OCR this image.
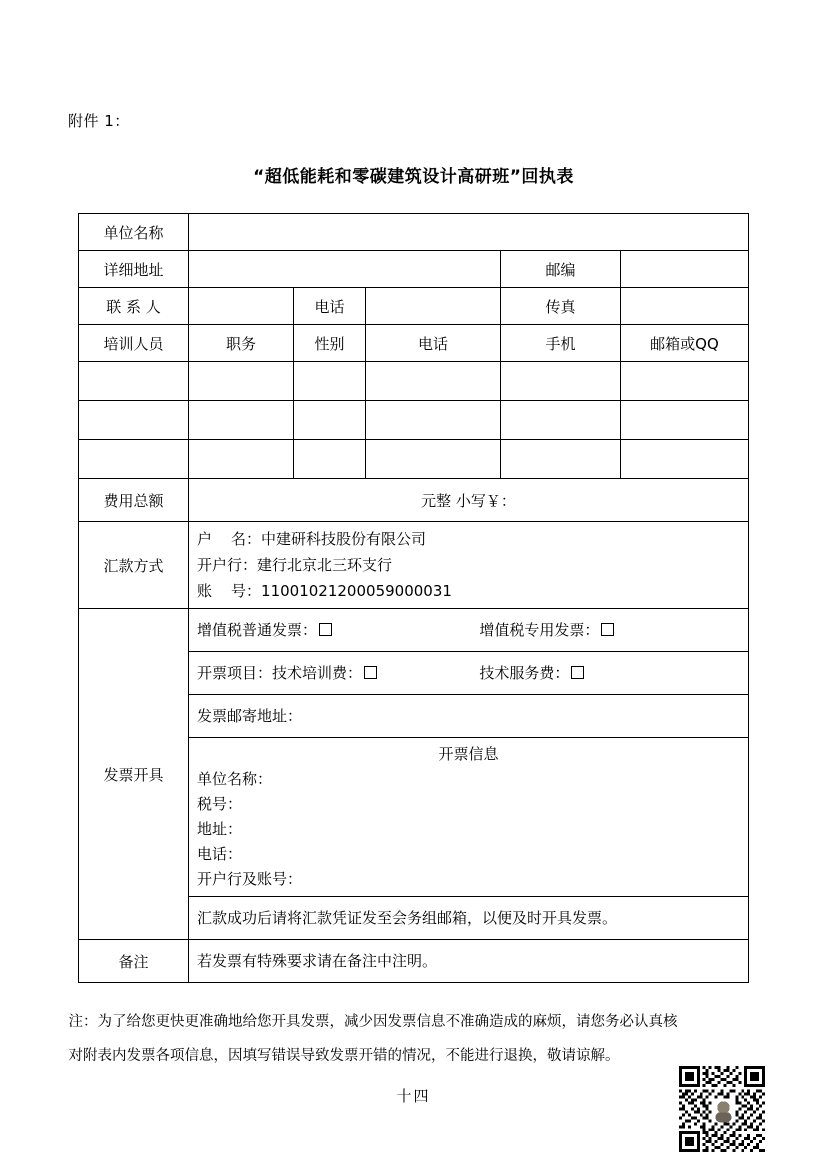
附件 1：
“超低能耗和零碳建筑设计高研班”回执表
单位名称					
详细地址				邮编	
联 系 人		电话		传真	
培训人员	职务	性别	电话	手机	邮箱或QQ

费用总额	元整 小写￥：				
汇款方式	户    名：中建研科技股份有限公司
开户行：建行北京北三环支行
账    号：11001021200059000031				

发票开具	增值税普通发票： 增值税专用发票：				

	开票项目：技术培训费： 技术服务费：				

	发票邮寄地址：				

开票信息
单位名称：
税号：
地址：
电话：
开户行及账号：

	汇款成功后请将汇款凭证发至会务组邮箱，以便及时开具发票。				

备注	若发票有特殊要求请在备注中注明。				
注：为了给您更快更准确地给您开具发票，减少因发票信息不准确造成的麻烦，请您务必认真核
对附表内发票各项信息，因填写错误导致发票开错的情况，不能进行退换，敬请谅解。
十四
